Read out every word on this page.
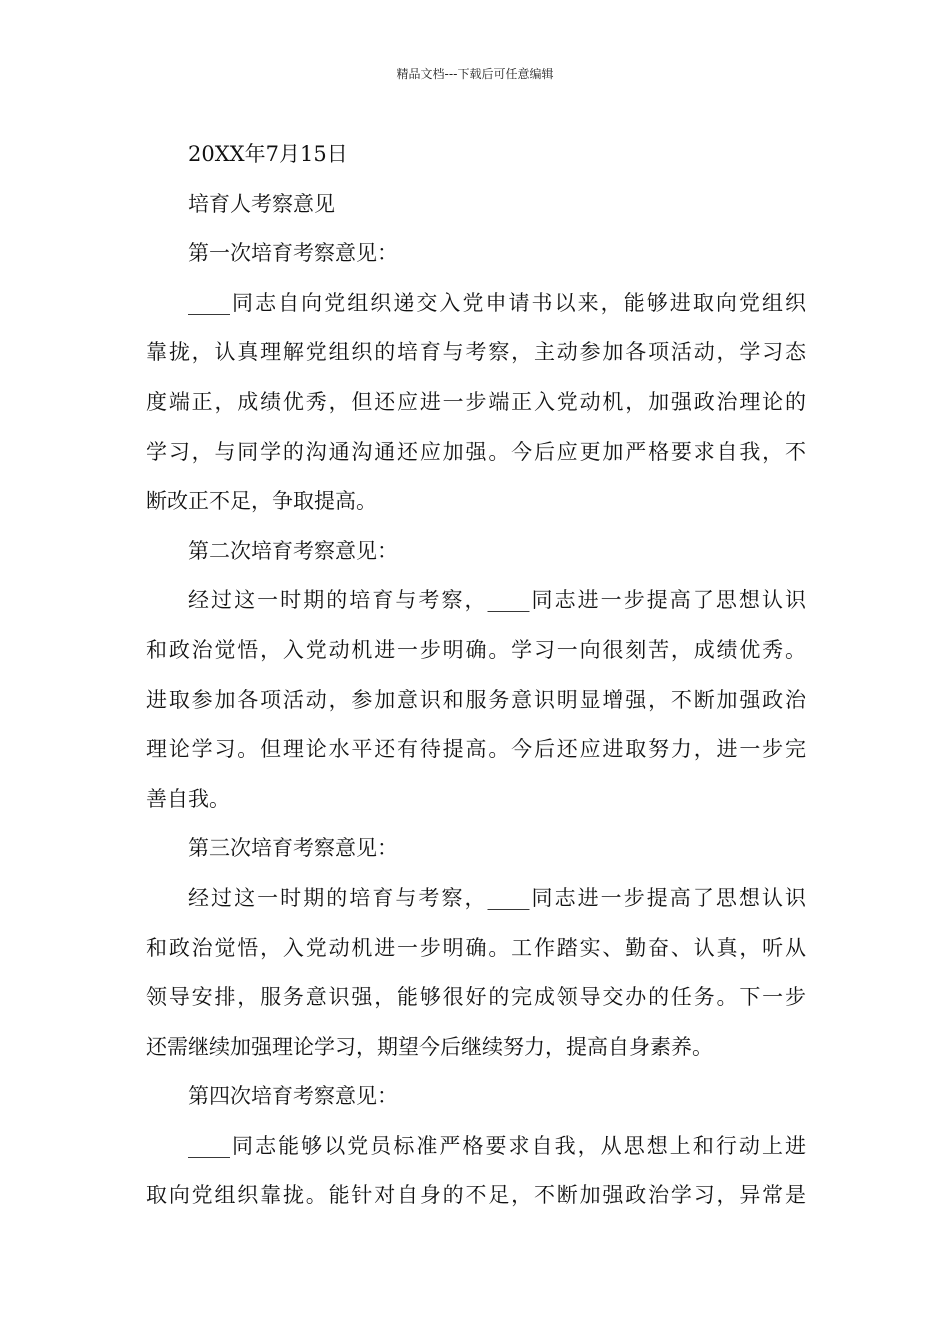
精品文档---下载后可任意编辑
20XX年7月15日
培育人考察意见
第一次培育考察意见：
____同志自向党组织递交入党申请书以来，能够进取向党组织
靠拢，认真理解党组织的培育与考察，主动参加各项活动，学习态
度端正，成绩优秀，但还应进一步端正入党动机，加强政治理论的
学习，与同学的沟通沟通还应加强。今后应更加严格要求自我，不
断改正不足，争取提高。
第二次培育考察意见：
经过这一时期的培育与考察，____同志进一步提高了思想认识
和政治觉悟，入党动机进一步明确。学习一向很刻苦，成绩优秀。
进取参加各项活动，参加意识和服务意识明显增强，不断加强政治
理论学习。但理论水平还有待提高。今后还应进取努力，进一步完
善自我。
第三次培育考察意见：
经过这一时期的培育与考察，____同志进一步提高了思想认识
和政治觉悟，入党动机进一步明确。工作踏实、勤奋、认真，听从
领导安排，服务意识强，能够很好的完成领导交办的任务。下一步
还需继续加强理论学习，期望今后继续努力，提高自身素养。
第四次培育考察意见：
____同志能够以党员标准严格要求自我，从思想上和行动上进
取向党组织靠拢。能针对自身的不足，不断加强政治学习，异常是
